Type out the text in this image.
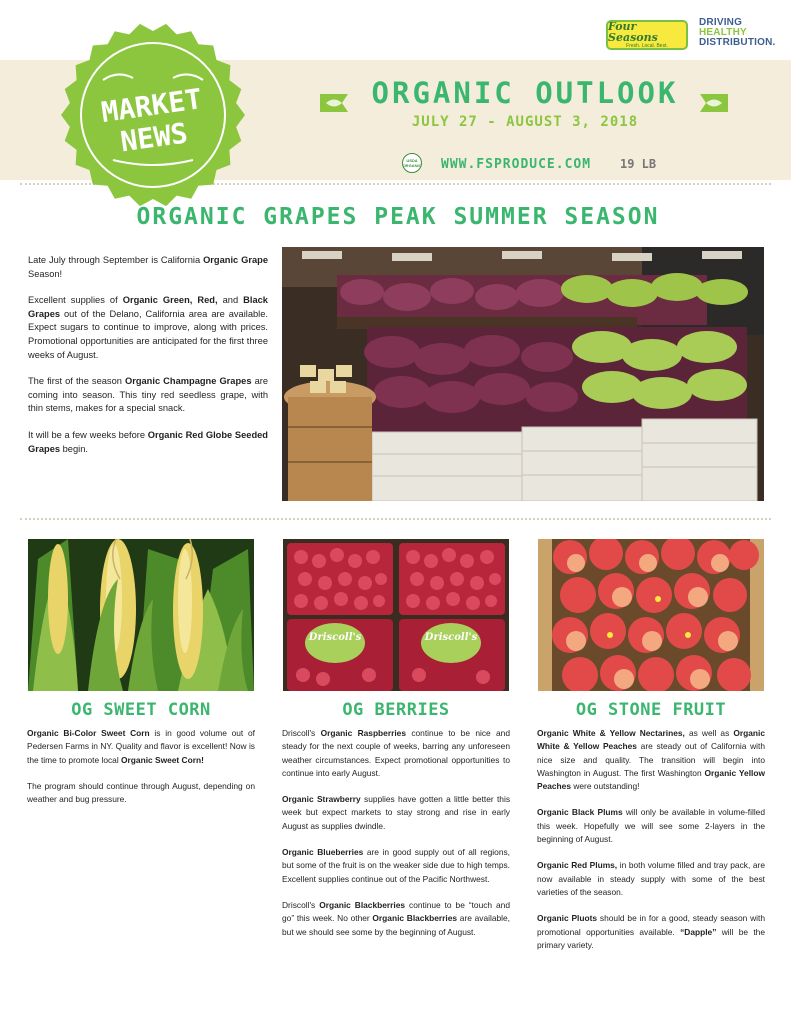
MARKET
NEWS
Four Seasons
Fresh. Local. Best.
DRIVING
HEALTHY
DISTRIBUTION.
ORGANIC OUTLOOK
JULY 27 - AUGUST 3, 2018
USDA ORGANIC WWW.FSPRODUCE.COM 19 LB
ORGANIC GRAPES PEAK SUMMER SEASON

Late July through September is California Organic Grape Season!

Excellent supplies of Organic Green, Red, and Black Grapes out of the Delano, California area are available. Expect sugars to continue to improve, along with prices. Promotional opportunities are anticipated for the first three weeks of August.

The first of the season Organic Champagne Grapes are coming into season. This tiny red seedless grape, with thin stems, makes for a special snack.

It will be a few weeks before Organic Red Globe Seeded Grapes begin.

Driscoll's	Driscoll's
OG SWEET CORN	OG BERRIES	OG STONE FRUIT

Organic Bi-Color Sweet Corn is in good volume out of Pedersen Farms in NY. Quality and flavor is excellent! Now is the time to promote local Organic Sweet Corn!

The program should continue through August, depending on weather and bug pressure.

Driscoll's Organic Raspberries continue to be nice and steady for the next couple of weeks, barring any unforeseen weather circumstances. Expect promotional opportunities to continue into early August.

Organic Strawberry supplies have gotten a little better this week but expect markets to stay strong and rise in early August as supplies dwindle.

Organic Blueberries are in good supply out of all regions, but some of the fruit is on the weaker side due to high temps. Excellent supplies continue out of the Pacific Northwest.

Driscoll's Organic Blackberries continue to be “touch and go” this week. No other Organic Blackberries are available, but we should see some by the beginning of August.

Organic White & Yellow Nectarines, as well as Organic White & Yellow Peaches are steady out of California with nice size and quality. The transition will begin into Washington in August. The first Washington Organic Yellow Peaches were outstanding!

Organic Black Plums will only be available in volume-filled this week. Hopefully we will see some 2-layers in the beginning of August.

Organic Red Plums, in both volume filled and tray pack, are now available in steady supply with some of the best varieties of the season.

Organic Pluots should be in for a good, steady season with promotional opportunities available. “Dapple” will be the primary variety.
